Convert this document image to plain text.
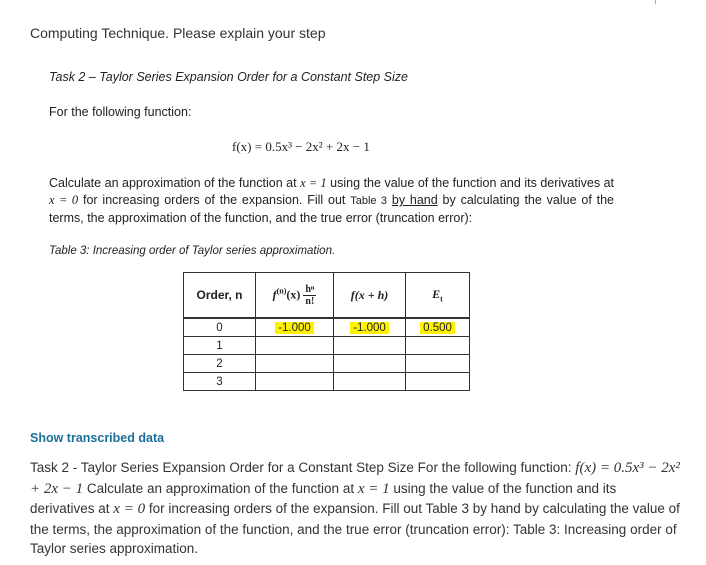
Computing Technique. Please explain your step
Task 2 – Taylor Series Expansion Order for a Constant Step Size
For the following function:
f(x) = 0.5x³ − 2x² + 2x − 1
Calculate an approximation of the function at x = 1 using the value of the function and its derivatives at x = 0 for increasing orders of the expansion. Fill out Table 3 by hand by calculating the value of the terms, the approximation of the function, and the true error (truncation error):
Table 3: Increasing order of Taylor series approximation.
Order, n	$f^{(n)}(x) \frac{\text{hⁿ}}{n!}$	f(x + h)	$E_t$
0	-1.000	-1.000	0.500
1			
2			
3			
Show transcribed data
Task 2 - Taylor Series Expansion Order for a Constant Step Size For the following function: f(x) = 0.5x³ − 2x² + 2x − 1 Calculate an approximation of the function at x = 1 using the value of the function and its derivatives at x = 0 for increasing orders of the expansion. Fill out Table 3 by hand by calculating the value of the terms, the approximation of the function, and the true error (truncation error): Table 3: Increasing order of Taylor series approximation.
